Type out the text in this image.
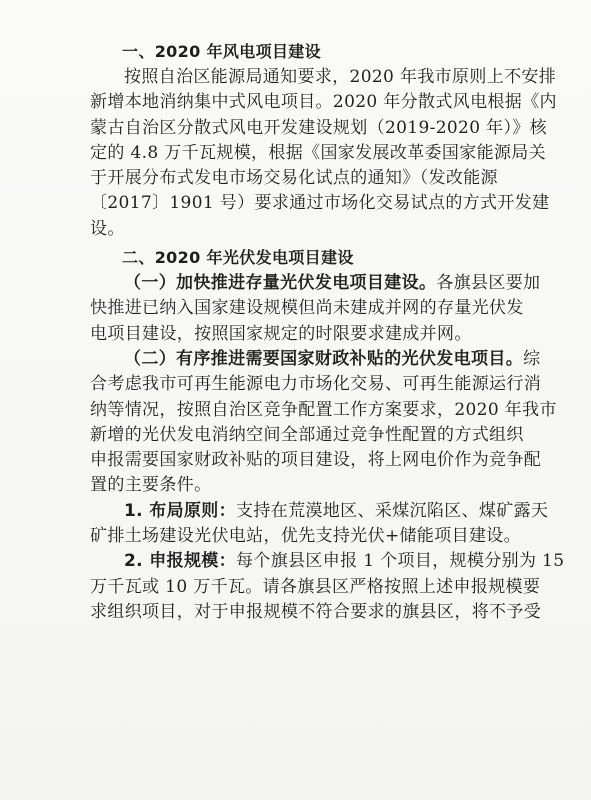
一、2020 年风电项目建设
按照自治区能源局通知要求，2020 年我市原则上不安排
新增本地消纳集中式风电项目。2020 年分散式风电根据《内
蒙古自治区分散式风电开发建设规划（2019-2020 年）》核
定的 4.8 万千瓦规模，根据《国家发展改革委国家能源局关
于开展分布式发电市场交易化试点的通知》（发改能源
〔2017〕1901 号）要求通过市场化交易试点的方式开发建
设。
二、2020 年光伏发电项目建设
（一）加快推进存量光伏发电项目建设。各旗县区要加
快推进已纳入国家建设规模但尚未建成并网的存量光伏发
电项目建设，按照国家规定的时限要求建成并网。
（二）有序推进需要国家财政补贴的光伏发电项目。综
合考虑我市可再生能源电力市场化交易、可再生能源运行消
纳等情况，按照自治区竞争配置工作方案要求，2020 年我市
新增的光伏发电消纳空间全部通过竞争性配置的方式组织
申报需要国家财政补贴的项目建设，将上网电价作为竞争配
置的主要条件。
1. 布局原则：支持在荒漠地区、采煤沉陷区、煤矿露天
矿排土场建设光伏电站，优先支持光伏+储能项目建设。
2. 申报规模：每个旗县区申报 1 个项目，规模分别为 15
万千瓦或 10 万千瓦。请各旗县区严格按照上述申报规模要
求组织项目，对于申报规模不符合要求的旗县区，将不予受
